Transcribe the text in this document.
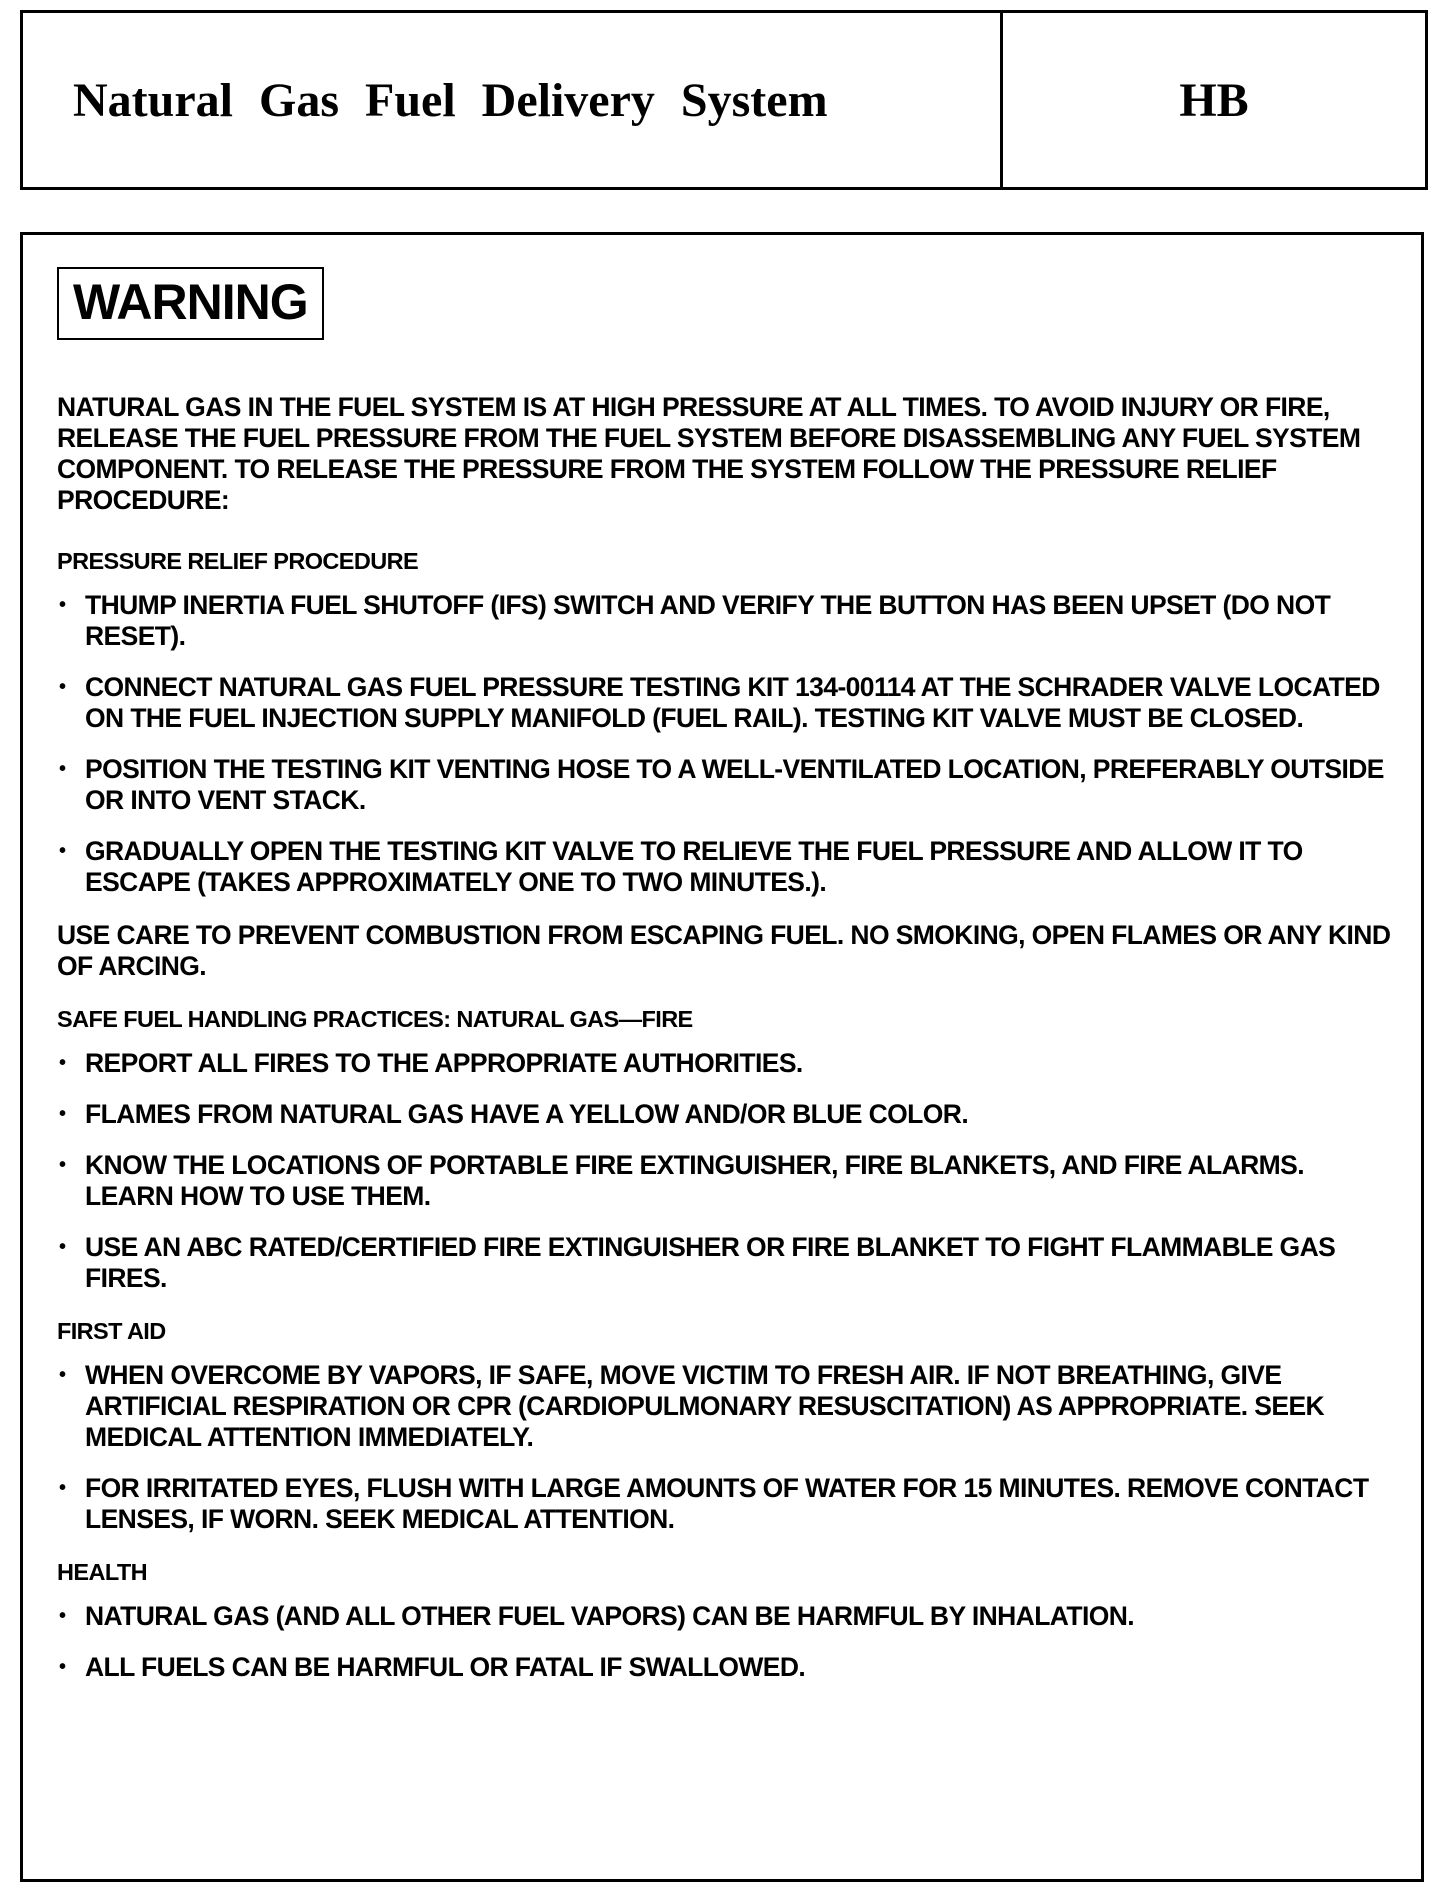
Natural Gas Fuel Delivery System	HB
WARNING

NATURAL GAS IN THE FUEL SYSTEM IS AT HIGH PRESSURE AT ALL TIMES. TO AVOID INJURY OR FIRE, RELEASE THE FUEL PRESSURE FROM THE FUEL SYSTEM BEFORE DISASSEMBLING ANY FUEL SYSTEM COMPONENT. TO RELEASE THE PRESSURE FROM THE SYSTEM FOLLOW THE PRESSURE RELIEF PROCEDURE:

PRESSURE RELIEF PROCEDURE
• THUMP INERTIA FUEL SHUTOFF (IFS) SWITCH AND VERIFY THE BUTTON HAS BEEN UPSET (DO NOT RESET).
• CONNECT NATURAL GAS FUEL PRESSURE TESTING KIT 134-00114 AT THE SCHRADER VALVE LOCATED ON THE FUEL INJECTION SUPPLY MANIFOLD (FUEL RAIL). TESTING KIT VALVE MUST BE CLOSED.
• POSITION THE TESTING KIT VENTING HOSE TO A WELL-VENTILATED LOCATION, PREFERABLY OUTSIDE OR INTO VENT STACK.
• GRADUALLY OPEN THE TESTING KIT VALVE TO RELIEVE THE FUEL PRESSURE AND ALLOW IT TO ESCAPE (TAKES APPROXIMATELY ONE TO TWO MINUTES.).

USE CARE TO PREVENT COMBUSTION FROM ESCAPING FUEL. NO SMOKING, OPEN FLAMES OR ANY KIND OF ARCING.

SAFE FUEL HANDLING PRACTICES: NATURAL GAS—FIRE
• REPORT ALL FIRES TO THE APPROPRIATE AUTHORITIES.
• FLAMES FROM NATURAL GAS HAVE A YELLOW AND/OR BLUE COLOR.
• KNOW THE LOCATIONS OF PORTABLE FIRE EXTINGUISHER, FIRE BLANKETS, AND FIRE ALARMS. LEARN HOW TO USE THEM.
• USE AN ABC RATED/CERTIFIED FIRE EXTINGUISHER OR FIRE BLANKET TO FIGHT FLAMMABLE GAS FIRES.
FIRST AID
• WHEN OVERCOME BY VAPORS, IF SAFE, MOVE VICTIM TO FRESH AIR. IF NOT BREATHING, GIVE ARTIFICIAL RESPIRATION OR CPR (CARDIOPULMONARY RESUSCITATION) AS APPROPRIATE. SEEK MEDICAL ATTENTION IMMEDIATELY.
• FOR IRRITATED EYES, FLUSH WITH LARGE AMOUNTS OF WATER FOR 15 MINUTES. REMOVE CONTACT LENSES, IF WORN. SEEK MEDICAL ATTENTION.
HEALTH
• NATURAL GAS (AND ALL OTHER FUEL VAPORS) CAN BE HARMFUL BY INHALATION.
• ALL FUELS CAN BE HARMFUL OR FATAL IF SWALLOWED.
